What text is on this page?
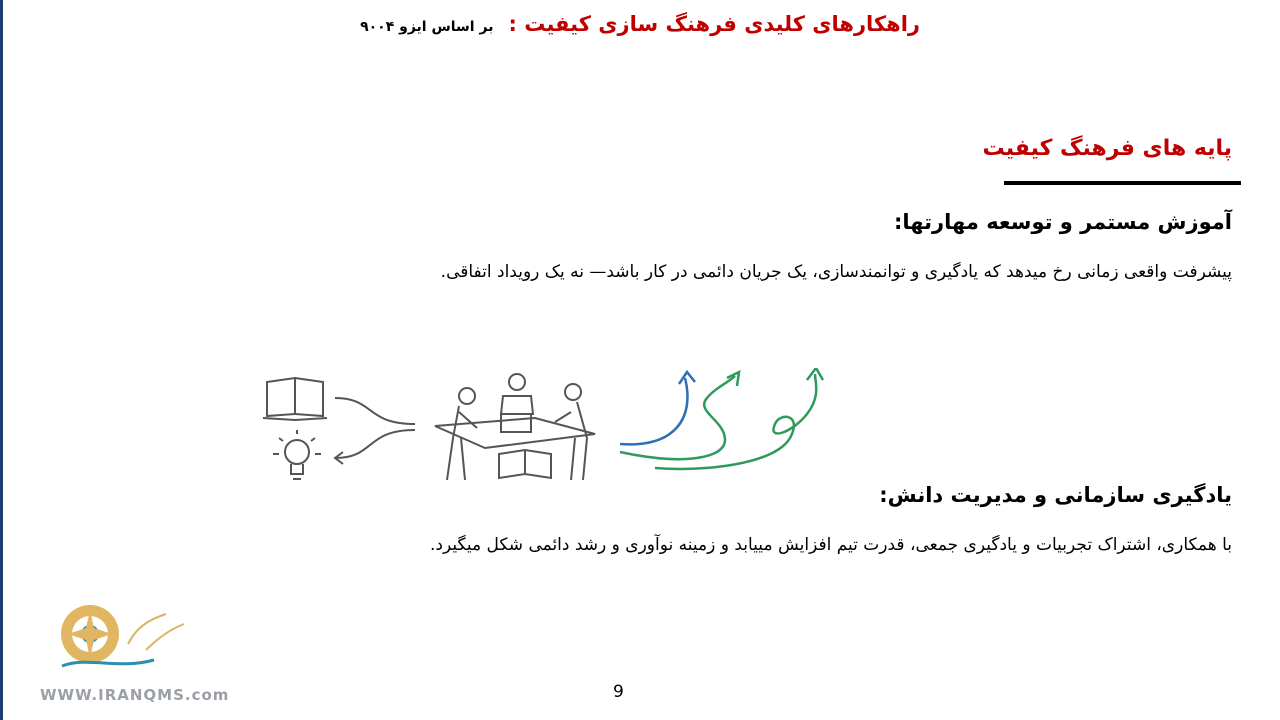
راهکارهای کلیدی فرهنگ سازی کیفیت : بر اساس ایزو ۹۰۰۴
پایه های فرهنگ کیفیت
آموزش مستمر و توسعه مهارتها:
پیشرفت واقعی زمانی رخ میدهد که یادگیری و توانمندسازی، یک جریان دائمی در کار باشد— نه یک رویداد اتفاقی.
یادگیری سازمانی و مدیریت دانش:
با همکاری، اشتراک تجربیات و یادگیری جمعی، قدرت تیم افزایش مییابد و زمینه نوآوری و رشد دائمی شکل میگیرد.
WWW.IRANQMS.com	9
